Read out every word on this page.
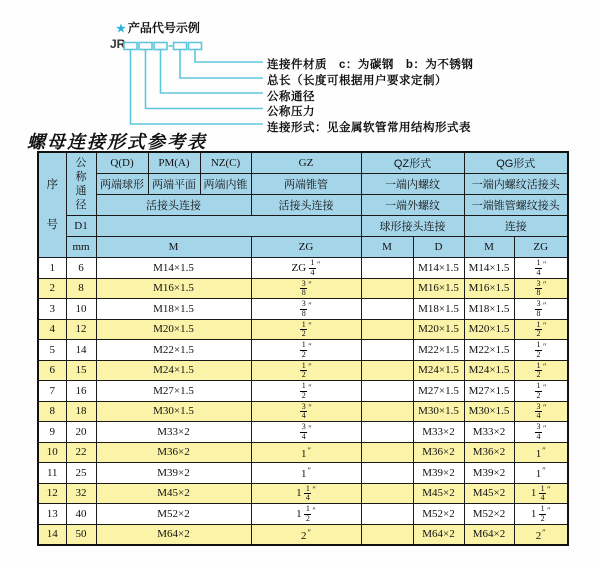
★ 产品代号示例
JR
连接件材质　c：为碳钢　b：为不锈钢
总长（长度可根据用户要求定制）
公称通径
公称压力
连接形式：见金属软管常用结构形式表
螺母连接形式参考表
序号	公称通径	Q(D)	PM(A)	NZ(C)	GZ	QZ形式		QG形式	
		两端球形	两端平面	两端内锥	两端锥管	一端内螺纹		一端内螺纹活接头	
		活接头连接			活接头连接	一端外螺纹		一端锥管螺纹接头	
	D1					球形接头连接		连接	
	mm	M			ZG	M	D	M	ZG
1	6	M14×1.5			ZG $\frac{1}{4} ''$		M14×1.5	M14×1.5	$\frac{1}{4} ''$
2	8	M16×1.5			$\frac{3}{8} ''$		M16×1.5	M16×1.5	$\frac{3}{8} ''$
3	10	M18×1.5			$\frac{3}{8} ''$		M18×1.5	M18×1.5	$\frac{3}{8} ''$
4	12	M20×1.5			$\frac{1}{2} ''$		M20×1.5	M20×1.5	$\frac{1}{2} ''$
5	14	M22×1.5			$\frac{1}{2} ''$		M22×1.5	M22×1.5	$\frac{1}{2} ''$
6	15	M24×1.5			$\frac{1}{2} ''$		M24×1.5	M24×1.5	$\frac{1}{2} ''$
7	16	M27×1.5			$\frac{1}{2} ''$		M27×1.5	M27×1.5	$\frac{1}{2} ''$
8	18	M30×1.5			$\frac{3}{4} ''$		M30×1.5	M30×1.5	$\frac{3}{4} ''$
9	20	M33×2			$\frac{3}{4} ''$		M33×2	M33×2	$\frac{3}{4} ''$
10	22	M36×2			1″		M36×2	M36×2	1″
11	25	M39×2			1″		M39×2	M39×2	1″
12	32	M45×2			$1 \frac{1}{4} ''$		M45×2	M45×2	$1 \frac{1}{4} ''$
13	40	M52×2			$1 \frac{1}{2} ''$		M52×2	M52×2	$1 \frac{1}{2} ''$
14	50	M64×2			2″		M64×2	M64×2	2″
